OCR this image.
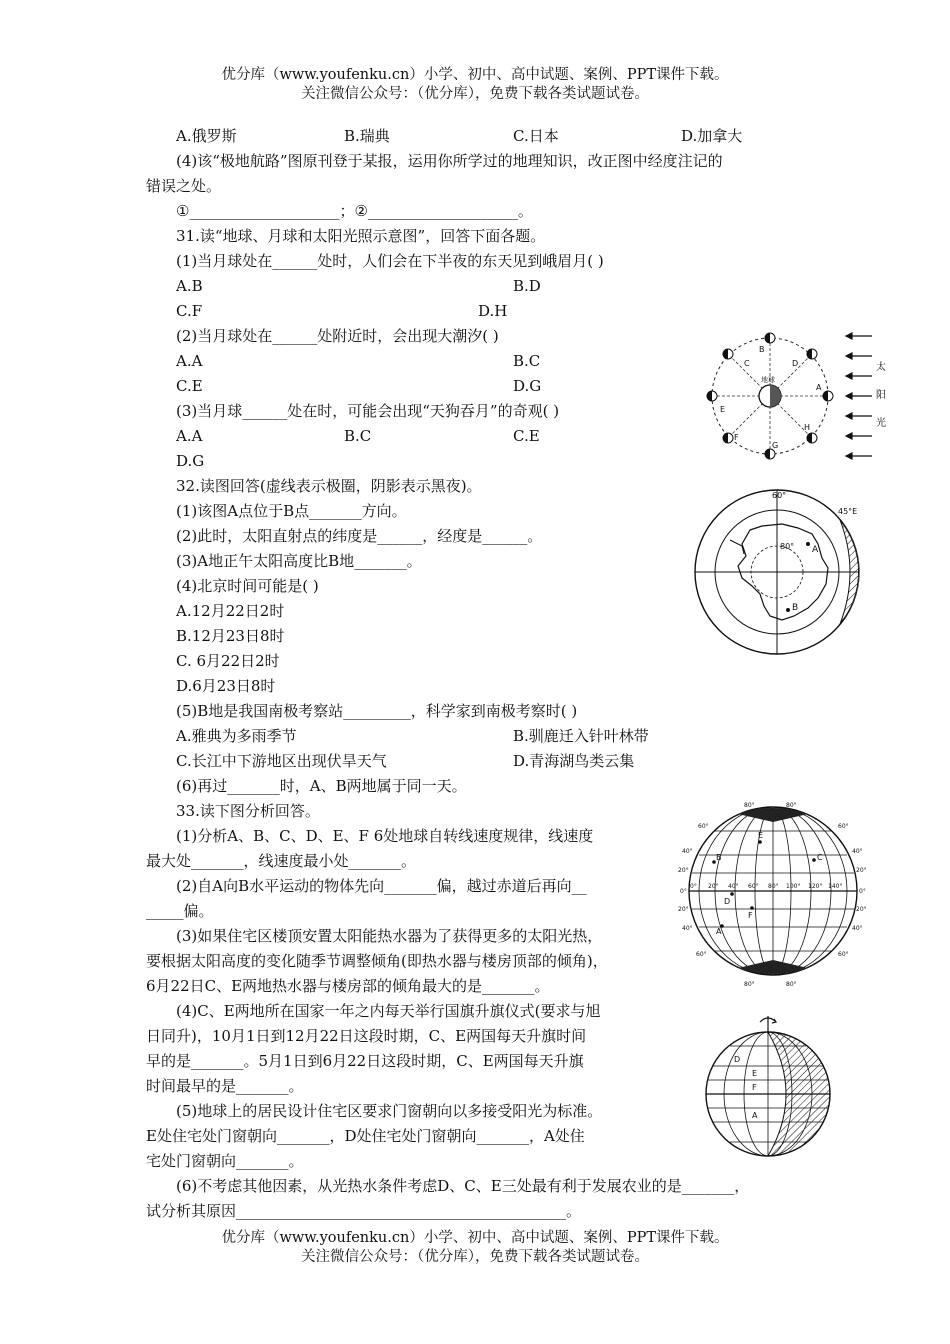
优分库（www.youfenku.cn）小学、初中、高中试题、案例、PPT课件下载。
关注微信公众号：（优分库），免费下载各类试题试卷。
A.俄罗斯	B.瑞典	C.日本	D.加拿大
(4)该“极地航路”图原刊登于某报，运用你所学过的地理知识，改正图中经度注记的
错误之处。
①____________________；②____________________。
31.读“地球、月球和太阳光照示意图”，回答下面各题。
(1)当月球处在______处时，人们会在下半夜的东天见到峨眉月( )
A.B	B.D
C.F	D.H
(2)当月球处在______处附近时，会出现大潮汐( )
A.A	B.C
C.E	D.G
(3)当月球______处在时，可能会出现“天狗吞月”的奇观( )
A.A	B.C	C.E
D.G
32.读图回答(虚线表示极圈，阴影表示黑夜)。
(1)该图A点位于B点_______方向。
(2)此时，太阳直射点的纬度是______，经度是______。
(3)A地正午太阳高度比B地_______。
(4)北京时间可能是( )
A.12月22日2时
B.12月23日8时
C. 6月22日2时
D.6月23日8时
(5)B地是我国南极考察站_________，科学家到南极考察时( )
A.雅典为多雨季节	B.驯鹿迁入针叶林带
C.长江中下游地区出现伏旱天气	D.青海湖鸟类云集
(6)再过_______时，A、B两地属于同一天。
33.读下图分析回答。
(1)分析A、B、C、D、E、F 6处地球自转线速度规律，线速度
最大处_______，线速度最小处_______。
(2)自A向B水平运动的物体先向_______偏，越过赤道后再向__
_____偏。
(3)如果住宅区楼顶安置太阳能热水器为了获得更多的太阳光热，
要根据太阳高度的变化随季节调整倾角(即热水器与楼房顶部的倾角)，
6月22日C、E两地热水器与楼房部的倾角最大的是_______。
(4)C、E两地所在国家一年之内每天举行国旗升旗仪式(要求与旭
日同升)，10月1日到12月22日这段时期，C、E两国每天升旗时间
早的是_______。5月1日到6月22日这段时期，C、E两国每天升旗
时间最早的是_______。
(5)地球上的居民设计住宅区要求门窗朝向以多接受阳光为标准。
E处住宅处门窗朝向_______，D处住宅处门窗朝向_______，A处住
宅处门窗朝向_______。
(6)不考虑其他因素，从光热水条件考虑D、C、E三处最有利于发展农业的是_______，
试分析其原因____________________________________________。
B
C	D
A
E
F
G
H
地球
太
阳
光
60°
45°E
80° A
B
80°	80°
60°
40°
20°
0°
20°
40°
60°
60°
40°
20°
0°
20°
40°
60°
0° 20° 40° 60° 80° 100° 120° 140°
80°	80°
E
B	C
D
F
A
D
E
F
A
优分库（www.youfenku.cn）小学、初中、高中试题、案例、PPT课件下载。
关注微信公众号：（优分库），免费下载各类试题试卷。
